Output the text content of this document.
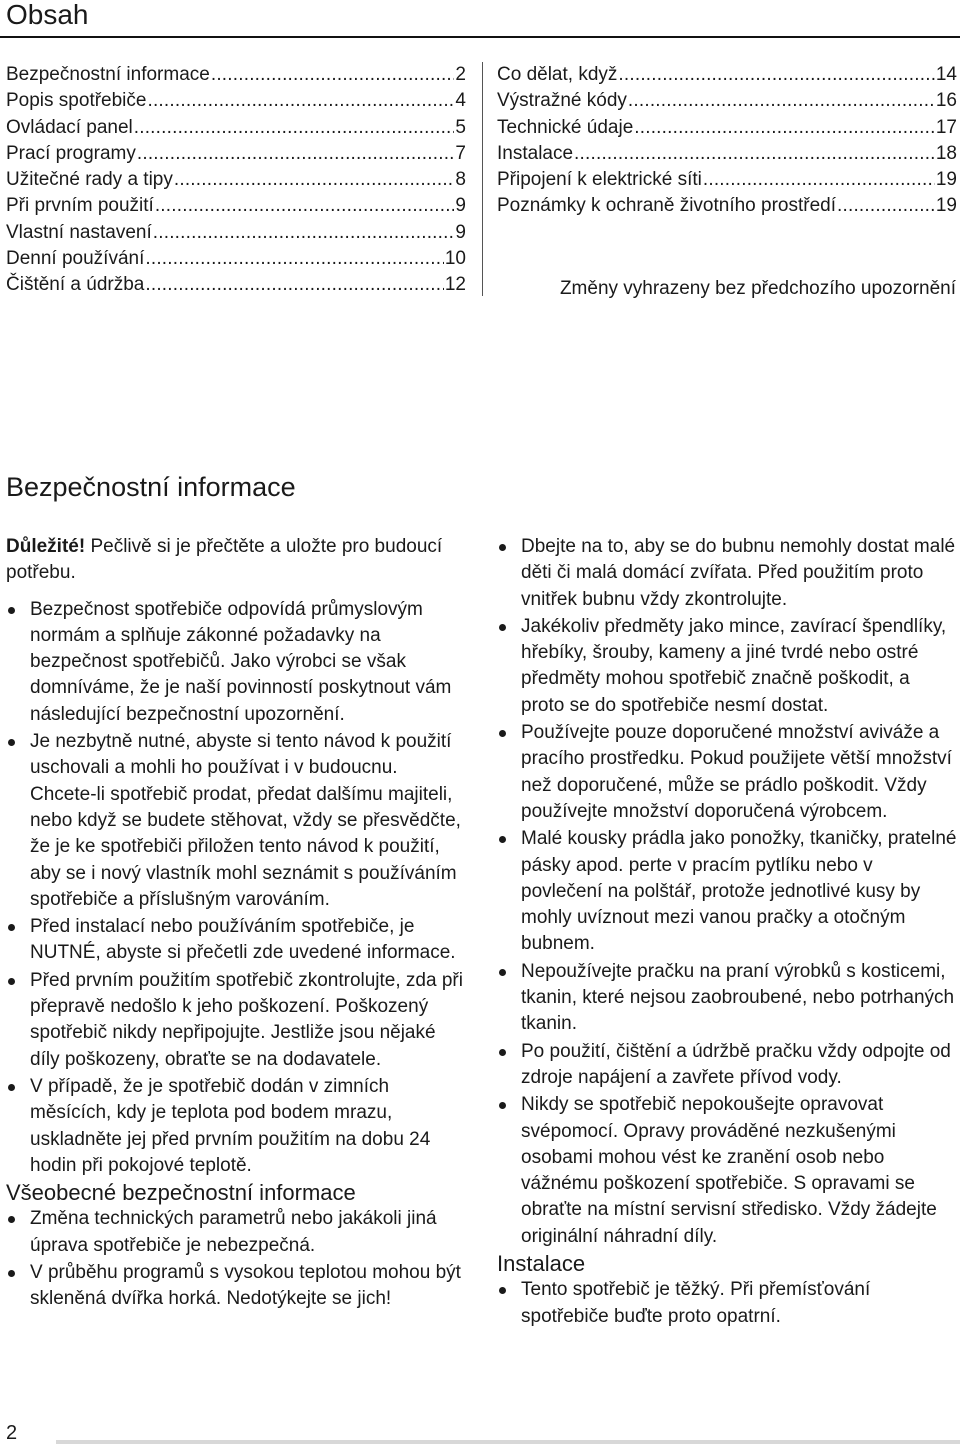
Obsah
Bezpečnostní informace .....	2
Popis spotřebiče .....	4
Ovládací panel .....	5
Prací programy .....	7
Užitečné rady a tipy .....	8
Při prvním použití .....	9
Vlastní nastavení .....	9
Denní používání .....	10
Čištění a údržba .....	12
Co dělat, když .....	14
Výstražné kódy .....	16
Technické údaje .....	17
Instalace .....	18
Připojení k elektrické síti .....	19
Poznámky k ochraně životního prostředí .....	19
Změny vyhrazeny bez předchozího upozornění
Bezpečnostní informace

Důležité! Pečlivě si je přečtěte a uložte pro budoucí potřebu.

Bezpečnost spotřebiče odpovídá průmyslovým normám a splňuje zákonné požadavky na bezpečnost spotřebičů. Jako výrobci se však domníváme, že je naší povinností poskytnout vám následující bezpečnostní upozornění.
Je nezbytně nutné, abyste si tento návod k použití uschovali a mohli ho používat i v budoucnu. Chcete-li spotřebič prodat, předat dalšímu majiteli, nebo když se budete stěhovat, vždy se přesvědčte, že je ke spotřebiči přiložen tento návod k použití, aby se i nový vlastník mohl seznámit s používáním spotřebiče a příslušným varováním.
Před instalací nebo používáním spotřebiče, je NUTNÉ, abyste si přečetli zde uvedené informace.
Před prvním použitím spotřebič zkontrolujte, zda při přepravě nedošlo k jeho poškození. Poškozený spotřebič nikdy nepřipojujte. Jestliže jsou nějaké díly poškozeny, obraťte se na dodavatele.
V případě, že je spotřebič dodán v zimních měsících, kdy je teplota pod bodem mrazu, uskladněte jej před prvním použitím na dobu 24 hodin při pokojové teplotě.
Všeobecné bezpečnostní informace
Změna technických parametrů nebo jakákoli jiná úprava spotřebiče je nebezpečná.
V průběhu programů s vysokou teplotou mohou být skleněná dvířka horká. Nedotýkejte se jich!
Dbejte na to, aby se do bubnu nemohly dostat malé děti či malá domácí zvířata. Před použitím proto vnitřek bubnu vždy zkontrolujte.
Jakékoliv předměty jako mince, zavírací špendlíky, hřebíky, šrouby, kameny a jiné tvrdé nebo ostré předměty mohou spotřebič značně poškodit, a proto se do spotřebiče nesmí dostat.
Používejte pouze doporučené množství aviváže a pracího prostředku. Pokud použijete větší množství než doporučené, může se prádlo poškodit. Vždy používejte množství doporučená výrobcem.
Malé kousky prádla jako ponožky, tkaničky, pratelné pásky apod. perte v pracím pytlíku nebo v povlečení na polštář, protože jednotlivé kusy by mohly uvíznout mezi vanou pračky a otočným bubnem.
Nepoužívejte pračku na praní výrobků s kosticemi, tkanin, které nejsou zaobroubené, nebo potrhaných tkanin.
Po použití, čištění a údržbě pračku vždy odpojte od zdroje napájení a zavřete přívod vody.
Nikdy se spotřebič nepokoušejte opravovat svépomocí. Opravy prováděné nezkušenými osobami mohou vést ke zranění osob nebo vážnému poškození spotřebiče. S opravami se obraťte na místní servisní středisko. Vždy žádejte originální náhradní díly.
Instalace
Tento spotřebič je těžký. Při přemísťování spotřebiče buďte proto opatrní.
2
